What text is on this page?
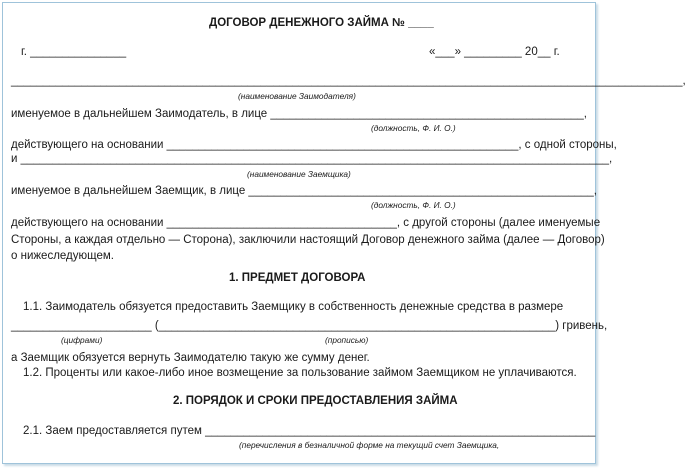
ДОГОВОР ДЕНЕЖНОГО ЗАЙМА № ____
г. _______________	«___» _________ 20__ г.
_________________________________________________________________________________________________________,
(наименование Заимодателя)
именуемое в дальнейшем Заимодатель, в лице _________________________________________________,
(должность, Ф. И. О.)
действующего на основании _______________________________________________________, с одной стороны,
и ____________________________________________________________________________________________,
(наименование Заемщика)
именуемое в дальнейшем Заемщик, в лице ______________________________________________________,
(должность, Ф. И. О.)
действующего на основании ____________________________________, с другой стороны (далее именуемые
Стороны, а каждая отдельно — Сторона), заключили настоящий Договор денежного займа (далее — Договор)
о нижеследующем.
1. ПРЕДМЕТ ДОГОВОРА
1.1. Заимодатель обязуется предоставить Заемщику в собственность денежные средства в размере
______________________ (______________________________________________________________) гривень,
(цифрами)	(прописью)
а Заемщик обязуется вернуть Заимодателю такую же сумму денег.
1.2. Проценты или какое-либо иное возмещение за пользование займом Заемщиком не уплачиваются.
2. ПОРЯДОК И СРОКИ ПРЕДОСТАВЛЕНИЯ ЗАЙМА
2.1. Заем предоставляется путем _____________________________________________________________
(перечисления в безналичной форме на текущий счет Заемщика,
